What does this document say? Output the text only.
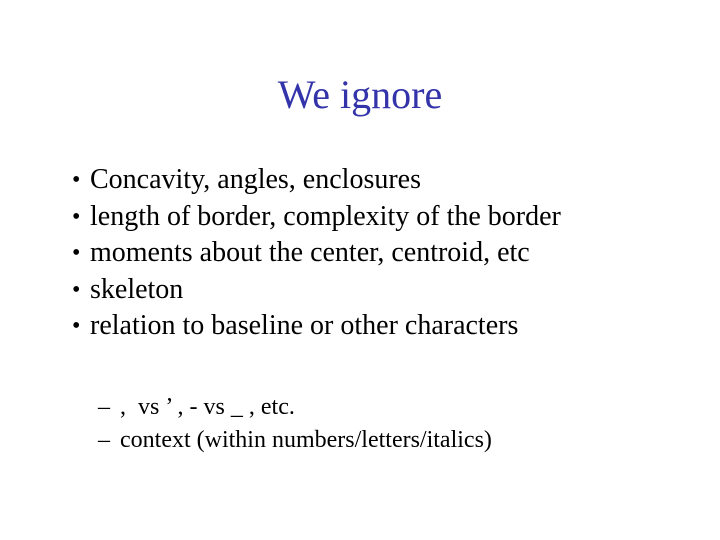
We ignore
• Concavity, angles, enclosures
• length of border, complexity of the border
• moments about the center, centroid, etc
• skeleton
• relation to baseline or other characters
– ,  vs ’ , - vs _ , etc.
– context (within numbers/letters/italics)
